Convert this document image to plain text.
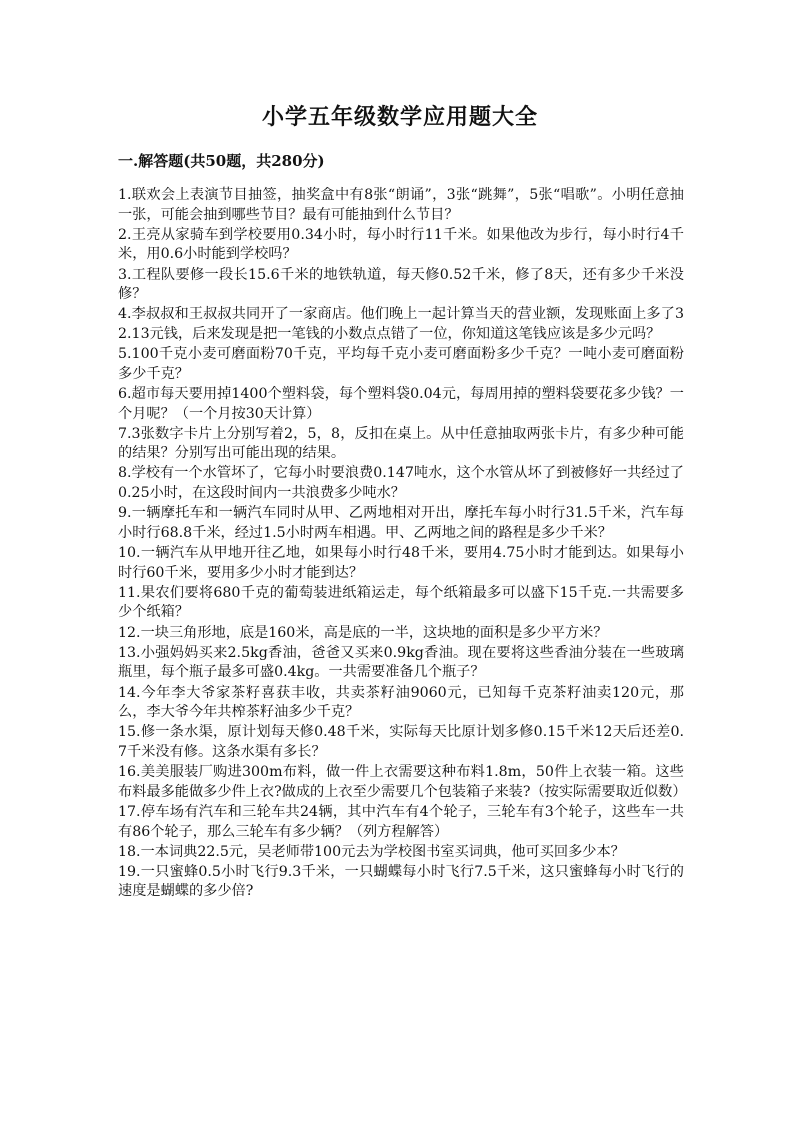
小学五年级数学应用题大全
一.解答题(共50题，共280分)
1.联欢会上表演节目抽签，抽奖盒中有8张“朗诵”，3张“跳舞”，5张“唱歌”。小明任意抽一张，可能会抽到哪些节目？最有可能抽到什么节目？
2.王亮从家骑车到学校要用0.34小时，每小时行11千米。如果他改为步行，每小时行4千米，用0.6小时能到学校吗？
3.工程队要修一段长15.6千米的地铁轨道，每天修0.52千米，修了8天，还有多少千米没修？
4.李叔叔和王叔叔共同开了一家商店。他们晚上一起计算当天的营业额，发现账面上多了32.13元钱，后来发现是把一笔钱的小数点点错了一位，你知道这笔钱应该是多少元吗？
5.100千克小麦可磨面粉70千克，平均每千克小麦可磨面粉多少千克？一吨小麦可磨面粉多少千克？
6.超市每天要用掉1400个塑料袋，每个塑料袋0.04元，每周用掉的塑料袋要花多少钱？一个月呢？（一个月按30天计算）
7.3张数字卡片上分别写着2，5，8，反扣在桌上。从中任意抽取两张卡片，有多少种可能的结果？分别写出可能出现的结果。
8.学校有一个水管坏了，它每小时要浪费0.147吨水，这个水管从坏了到被修好一共经过了0.25小时，在这段时间内一共浪费多少吨水？
9.一辆摩托车和一辆汽车同时从甲、乙两地相对开出，摩托车每小时行31.5千米，汽车每小时行68.8千米，经过1.5小时两车相遇。甲、乙两地之间的路程是多少千米？
10.一辆汽车从甲地开往乙地，如果每小时行48千米，要用4.75小时才能到达。如果每小时行60千米，要用多少小时才能到达？
11.果农们要将680千克的葡萄装进纸箱运走，每个纸箱最多可以盛下15千克.一共需要多少个纸箱？
12.一块三角形地，底是160米，高是底的一半，这块地的面积是多少平方米？
13.小强妈妈买来2.5kg香油，爸爸又买来0.9kg香油。现在要将这些香油分装在一些玻璃瓶里，每个瓶子最多可盛0.4kg。一共需要准备几个瓶子？
14.今年李大爷家茶籽喜获丰收，共卖茶籽油9060元，已知每千克茶籽油卖120元，那么，李大爷今年共榨茶籽油多少千克？
15.修一条水渠，原计划每天修0.48千米，实际每天比原计划多修0.15千米12天后还差0.7千米没有修。这条水渠有多长？
16.美美服装厂购进300m布料，做一件上衣需要这种布料1.8m，50件上衣装一箱。这些布料最多能做多少件上衣?做成的上衣至少需要几个包装箱子来装?（按实际需要取近似数）
17.停车场有汽车和三轮车共24辆，其中汽车有4个轮子，三轮车有3个轮子，这些车一共有86个轮子，那么三轮车有多少辆？（列方程解答）
18.一本词典22.5元，吴老师带100元去为学校图书室买词典，他可买回多少本？
19.一只蜜蜂0.5小时飞行9.3千米，一只蝴蝶每小时飞行7.5千米，这只蜜蜂每小时飞行的速度是蝴蝶的多少倍?
